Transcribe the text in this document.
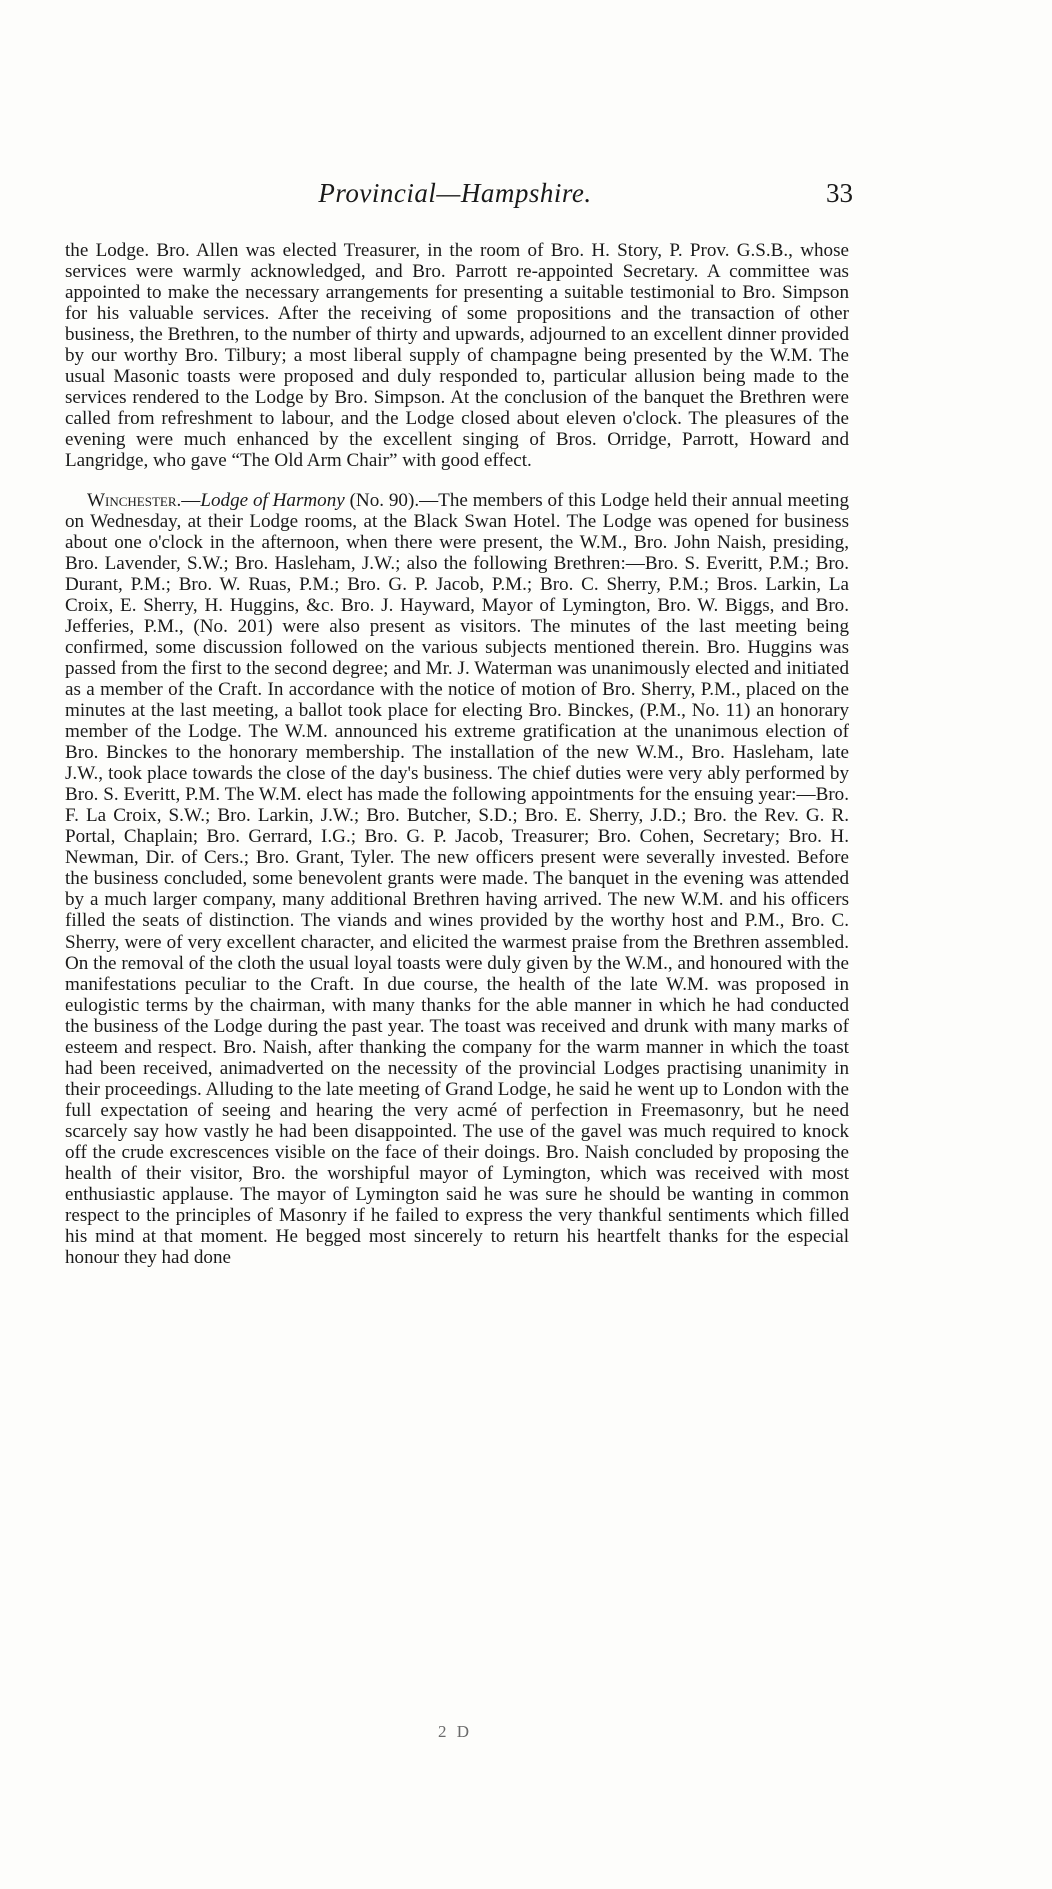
Provincial—Hampshire.	33

the Lodge. Bro. Allen was elected Treasurer, in the room of Bro. H. Story, P. Prov. G.S.B., whose services were warmly acknowledged, and Bro. Parrott re-appointed Secretary. A committee was appointed to make the necessary arrangements for presenting a suitable testimonial to Bro. Simpson for his valuable services. After the receiving of some propositions and the transaction of other business, the Brethren, to the number of thirty and upwards, adjourned to an excellent dinner provided by our worthy Bro. Tilbury; a most liberal supply of champagne being presented by the W.M. The usual Masonic toasts were proposed and duly responded to, particular allusion being made to the services rendered to the Lodge by Bro. Simpson. At the conclusion of the banquet the Brethren were called from refreshment to labour, and the Lodge closed about eleven o'clock. The pleasures of the evening were much enhanced by the excellent singing of Bros. Orridge, Parrott, Howard and Langridge, who gave “The Old Arm Chair” with good effect.

Winchester.—Lodge of Harmony (No. 90).—The members of this Lodge held their annual meeting on Wednesday, at their Lodge rooms, at the Black Swan Hotel. The Lodge was opened for business about one o'clock in the afternoon, when there were present, the W.M., Bro. John Naish, presiding, Bro. Lavender, S.W.; Bro. Hasleham, J.W.; also the following Brethren:—Bro. S. Everitt, P.M.; Bro. Durant, P.M.; Bro. W. Ruas, P.M.; Bro. G. P. Jacob, P.M.; Bro. C. Sherry, P.M.; Bros. Larkin, La Croix, E. Sherry, H. Huggins, &c. Bro. J. Hayward, Mayor of Lymington, Bro. W. Biggs, and Bro. Jefferies, P.M., (No. 201) were also present as visitors. The minutes of the last meeting being confirmed, some discussion followed on the various subjects mentioned therein. Bro. Huggins was passed from the first to the second degree; and Mr. J. Waterman was unanimously elected and initiated as a member of the Craft. In accordance with the notice of motion of Bro. Sherry, P.M., placed on the minutes at the last meeting, a ballot took place for electing Bro. Binckes, (P.M., No. 11) an honorary member of the Lodge. The W.M. announced his extreme gratification at the unanimous election of Bro. Binckes to the honorary membership. The installation of the new W.M., Bro. Hasleham, late J.W., took place towards the close of the day's business. The chief duties were very ably performed by Bro. S. Everitt, P.M. The W.M. elect has made the following appointments for the ensuing year:—Bro. F. La Croix, S.W.; Bro. Larkin, J.W.; Bro. Butcher, S.D.; Bro. E. Sherry, J.D.; Bro. the Rev. G. R. Portal, Chaplain; Bro. Gerrard, I.G.; Bro. G. P. Jacob, Treasurer; Bro. Cohen, Secretary; Bro. H. Newman, Dir. of Cers.; Bro. Grant, Tyler. The new officers present were severally invested. Before the business concluded, some benevolent grants were made. The banquet in the evening was attended by a much larger company, many additional Brethren having arrived. The new W.M. and his officers filled the seats of distinction. The viands and wines provided by the worthy host and P.M., Bro. C. Sherry, were of very excellent character, and elicited the warmest praise from the Brethren assembled. On the removal of the cloth the usual loyal toasts were duly given by the W.M., and honoured with the manifestations peculiar to the Craft. In due course, the health of the late W.M. was proposed in eulogistic terms by the chairman, with many thanks for the able manner in which he had conducted the business of the Lodge during the past year. The toast was received and drunk with many marks of esteem and respect. Bro. Naish, after thanking the company for the warm manner in which the toast had been received, animadverted on the necessity of the provincial Lodges practising unanimity in their proceedings. Alluding to the late meeting of Grand Lodge, he said he went up to London with the full expectation of seeing and hearing the very acmé of perfection in Freemasonry, but he need scarcely say how vastly he had been disappointed. The use of the gavel was much required to knock off the crude excrescences visible on the face of their doings. Bro. Naish concluded by proposing the health of their visitor, Bro. the worshipful mayor of Lymington, which was received with most enthusiastic applause. The mayor of Lymington said he was sure he should be wanting in common respect to the principles of Masonry if he failed to express the very thankful sentiments which filled his mind at that moment. He begged most sincerely to return his heartfelt thanks for the especial honour they had done

2 D
